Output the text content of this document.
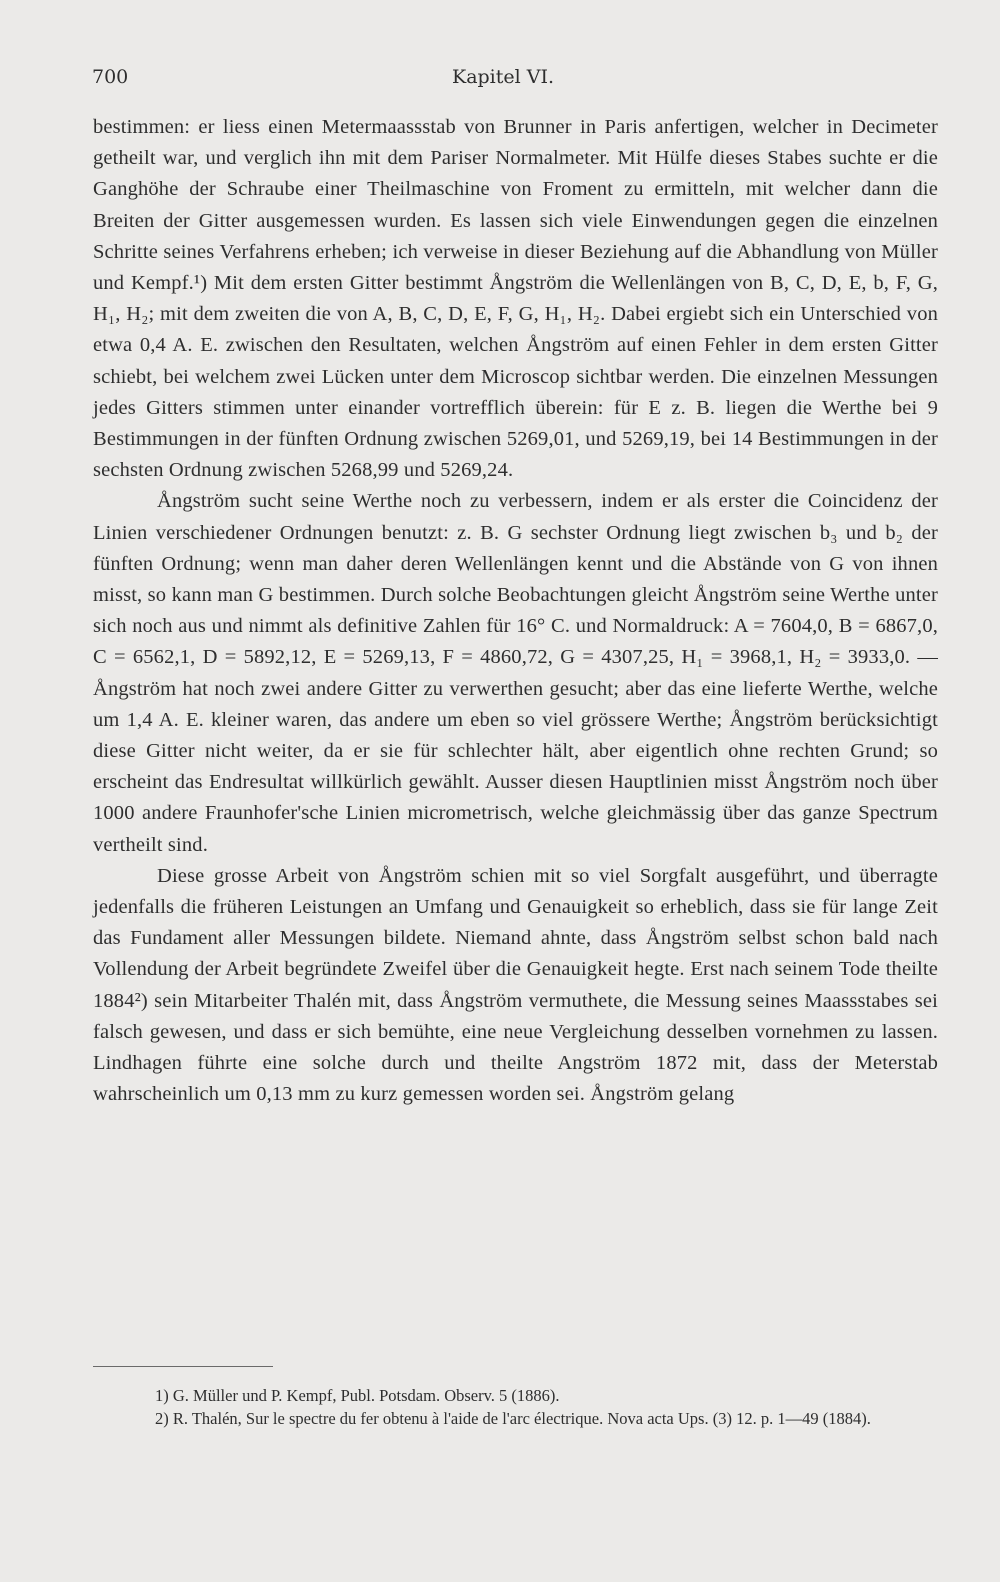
700	Kapitel VI.

bestimmen: er liess einen Metermaassstab von Brunner in Paris anfertigen, welcher in Decimeter getheilt war, und verglich ihn mit dem Pariser Normalmeter. Mit Hülfe dieses Stabes suchte er die Ganghöhe der Schraube einer Theilmaschine von Froment zu ermitteln, mit welcher dann die Breiten der Gitter ausgemessen wurden. Es lassen sich viele Einwendungen gegen die einzelnen Schritte seines Verfahrens erheben; ich verweise in dieser Beziehung auf die Abhandlung von Müller und Kempf.¹) Mit dem ersten Gitter bestimmt Ångström die Wellenlängen von B, C, D, E, b, F, G, H₁, H₂; mit dem zweiten die von A, B, C, D, E, F, G, H₁, H₂. Dabei ergiebt sich ein Unterschied von etwa 0,4 A. E. zwischen den Resultaten, welchen Ångström auf einen Fehler in dem ersten Gitter schiebt, bei welchem zwei Lücken unter dem Microscop sichtbar werden. Die einzelnen Messungen jedes Gitters stimmen unter einander vortrefflich überein: für E z. B. liegen die Werthe bei 9 Bestimmungen in der fünften Ordnung zwischen 5269,01, und 5269,19, bei 14 Bestimmungen in der sechsten Ordnung zwischen 5268,99 und 5269,24.

Ångström sucht seine Werthe noch zu verbessern, indem er als erster die Coincidenz der Linien verschiedener Ordnungen benutzt: z. B. G sechster Ordnung liegt zwischen b₃ und b₂ der fünften Ordnung; wenn man daher deren Wellenlängen kennt und die Abstände von G von ihnen misst, so kann man G bestimmen. Durch solche Beobachtungen gleicht Ångström seine Werthe unter sich noch aus und nimmt als definitive Zahlen für 16° C. und Normaldruck: A = 7604,0, B = 6867,0, C = 6562,1, D = 5892,12, E = 5269,13, F = 4860,72, G = 4307,25, H₁ = 3968,1, H₂ = 3933,0. — Ångström hat noch zwei andere Gitter zu verwerthen gesucht; aber das eine lieferte Werthe, welche um 1,4 A. E. kleiner waren, das andere um eben so viel grössere Werthe; Ångström berücksichtigt diese Gitter nicht weiter, da er sie für schlechter hält, aber eigentlich ohne rechten Grund; so erscheint das Endresultat willkürlich gewählt. Ausser diesen Hauptlinien misst Ångström noch über 1000 andere Fraunhofer'sche Linien micrometrisch, welche gleichmässig über das ganze Spectrum vertheilt sind.

Diese grosse Arbeit von Ångström schien mit so viel Sorgfalt ausgeführt, und überragte jedenfalls die früheren Leistungen an Umfang und Genauigkeit so erheblich, dass sie für lange Zeit das Fundament aller Messungen bildete. Niemand ahnte, dass Ångström selbst schon bald nach Vollendung der Arbeit begründete Zweifel über die Genauigkeit hegte. Erst nach seinem Tode theilte 1884²) sein Mitarbeiter Thalén mit, dass Ångström vermuthete, die Messung seines Maassstabes sei falsch gewesen, und dass er sich bemühte, eine neue Vergleichung desselben vornehmen zu lassen. Lindhagen führte eine solche durch und theilte Angström 1872 mit, dass der Meterstab wahrscheinlich um 0,13 mm zu kurz gemessen worden sei. Ångström gelang

1) G. Müller und P. Kempf, Publ. Potsdam. Observ. 5 (1886).

2) R. Thalén, Sur le spectre du fer obtenu à l'aide de l'arc électrique. Nova acta Ups. (3) 12. p. 1—49 (1884).
